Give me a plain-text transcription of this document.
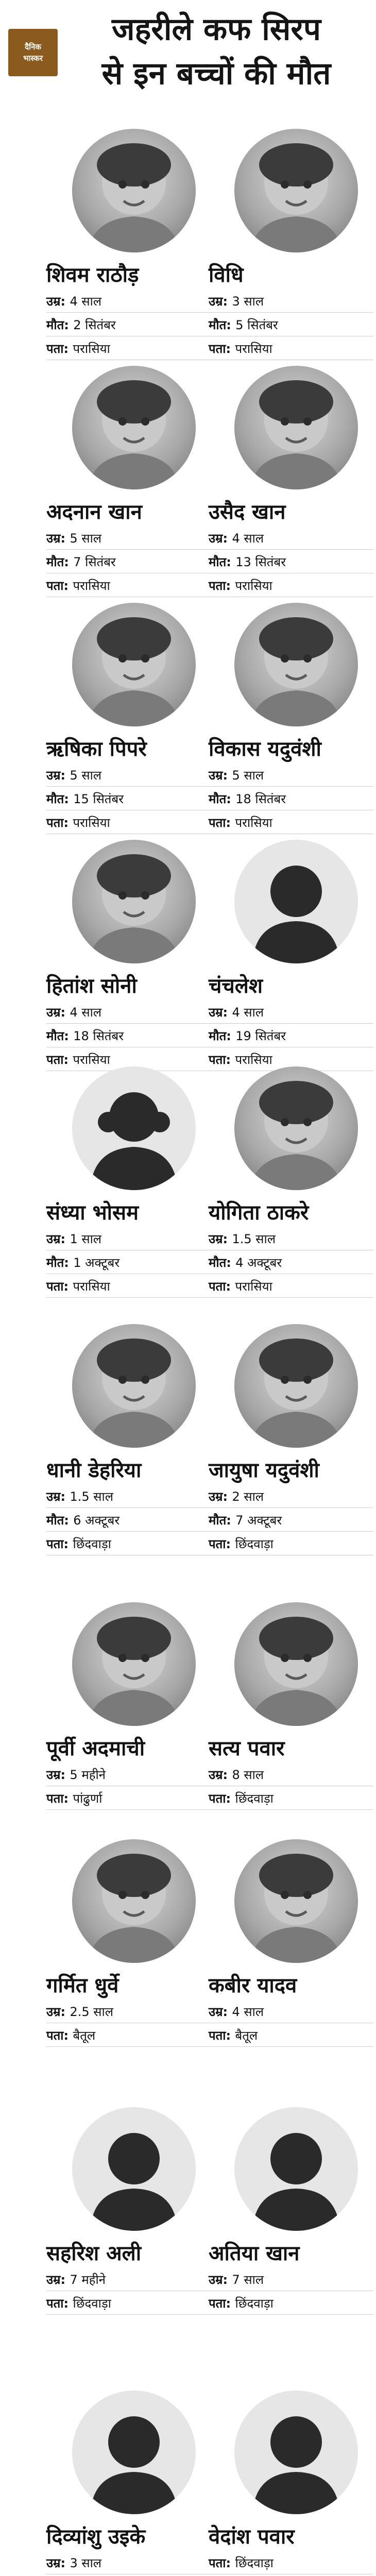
दैनिक
भास्कर
जहरीले कफ सिरप
से इन बच्चों की मौत
शिवम राठौड़
उम्र: 4 साल
मौत: 2 सितंबर
पता: परासिया
विधि
उम्र: 3 साल
मौत: 5 सितंबर
पता: परासिया
अदनान खान
उम्र: 5 साल
मौत: 7 सितंबर
पता: परासिया
उसैद खान
उम्र: 4 साल
मौत: 13 सितंबर
पता: परासिया
ऋषिका पिपरे
उम्र: 5 साल
मौत: 15 सितंबर
पता: परासिया
विकास यदुवंशी
उम्र: 5 साल
मौत: 18 सितंबर
पता: परासिया
हितांश सोनी
उम्र: 4 साल
मौत: 18 सितंबर
पता: परासिया
चंचलेश
उम्र: 4 साल
मौत: 19 सितंबर
पता: परासिया
संध्या भोसम
उम्र: 1 साल
मौत: 1 अक्टूबर
पता: परासिया
योगिता ठाकरे
उम्र: 1.5 साल
मौत: 4 अक्टूबर
पता: परासिया
धानी डेहरिया
उम्र: 1.5 साल
मौत: 6 अक्टूबर
पता: छिंदवाड़ा
जायुषा यदुवंशी
उम्र: 2 साल
मौत: 7 अक्टूबर
पता: छिंदवाड़ा
पूर्वी अदमाची
उम्र: 5 महीने
पता: पांढुर्णा
सत्य पवार
उम्र: 8 साल
पता: छिंदवाड़ा
गर्मित धुर्वे
उम्र: 2.5 साल
पता: बैतूल
कबीर यादव
उम्र: 4 साल
पता: बैतूल
सहरिश अली
उम्र: 7 महीने
पता: छिंदवाड़ा
अतिया खान
उम्र: 7 साल
पता: छिंदवाड़ा
दिव्यांशु उइके
उम्र: 3 साल
वेदांश पवार
पता: छिंदवाड़ा
